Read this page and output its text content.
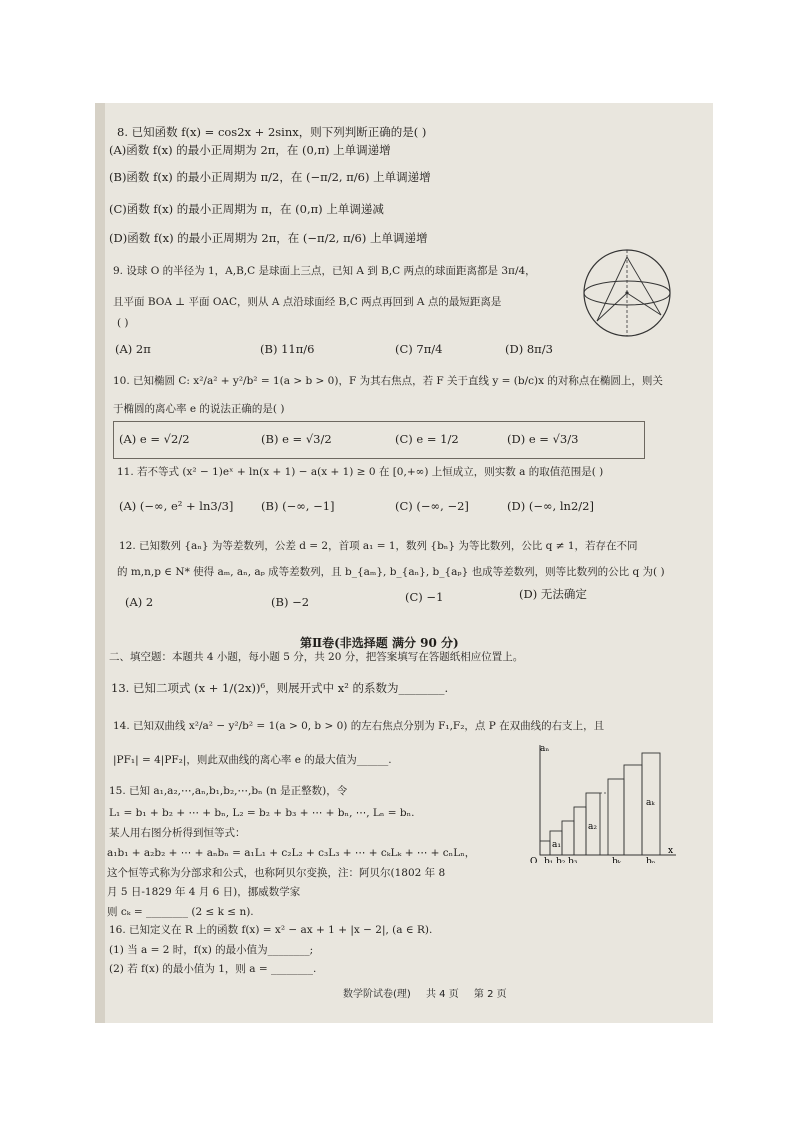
8. 已知函数 f(x) = cos2x + 2sinx，则下列判断正确的是( )
(A)函数 f(x) 的最小正周期为 2π，在 (0,π) 上单调递增
(B)函数 f(x) 的最小正周期为 π/2，在 (−π/2, π/6) 上单调递增
(C)函数 f(x) 的最小正周期为 π，在 (0,π) 上单调递减
(D)函数 f(x) 的最小正周期为 2π，在 (−π/2, π/6) 上单调递增
9. 设球 O 的半径为 1，A,B,C 是球面上三点，已知 A 到 B,C 两点的球面距离都是 3π/4，
且平面 BOA ⊥ 平面 OAC，则从 A 点沿球面经 B,C 两点再回到 A 点的最短距离是
( )
(A) 2π	(B) 11π/6	(C) 7π/4	(D) 8π/3
10. 已知椭圆 C: x²/a² + y²/b² = 1(a > b > 0)，F 为其右焦点，若 F 关于直线 y = (b/c)x 的对称点在椭圆上，则关
于椭圆的离心率 e 的说法正确的是( )
(A) e = √2/2	(B) e = √3/2	(C) e = 1/2	(D) e = √3/3
11. 若不等式 (x² − 1)eˣ + ln(x + 1) − a(x + 1) ≥ 0 在 [0,+∞) 上恒成立，则实数 a 的取值范围是( )
(A) (−∞, e² + ln3/3] (B) (−∞, −1]	(C) (−∞, −2]	(D) (−∞, ln2/2]
12. 已知数列 {aₙ} 为等差数列，公差 d = 2，首项 a₁ = 1，数列 {bₙ} 为等比数列，公比 q ≠ 1，若存在不同
的 m,n,p ∈ N* 使得 aₘ, aₙ, aₚ 成等差数列，且 b_{aₘ}, b_{aₙ}, b_{aₚ} 也成等差数列，则等比数列的公比 q 为( )
(A) 2	(B) −2	(C) −1	(D) 无法确定
第Ⅱ卷(非选择题 满分 90 分)
二、填空题：本题共 4 小题，每小题 5 分，共 20 分，把答案填写在答题纸相应位置上。
13. 已知二项式 (x + 1/(2x))⁶，则展开式中 x² 的系数为________.
14. 已知双曲线 x²/a² − y²/b² = 1(a > 0, b > 0) 的左右焦点分别为 F₁,F₂，点 P 在双曲线的右支上，且
|PF₁| = 4|PF₂|，则此双曲线的离心率 e 的最大值为______.
15. 已知 a₁,a₂,⋯,aₙ,b₁,b₂,⋯,bₙ (n 是正整数)，令
L₁ = b₁ + b₂ + ⋯ + bₙ, L₂ = b₂ + b₃ + ⋯ + bₙ, ⋯, Lₙ = bₙ.
某人用右图分析得到恒等式：
a₁b₁ + a₂b₂ + ⋯ + aₙbₙ = a₁L₁ + c₂L₂ + c₃L₃ + ⋯ + cₖLₖ + ⋯ + cₙLₙ，
这个恒等式称为分部求和公式，也称阿贝尔变换，注：阿贝尔(1802 年 8
月 5 日-1829 年 4 月 6 日)，挪威数学家
则 cₖ = ________ (2 ≤ k ≤ n).
aₙ
aₖ
a₂
a₁
b₁ b₂ b₃	bₖ	bₙ
O
x
16. 已知定义在 R 上的函数 f(x) = x² − ax + 1 + |x − 2|, (a ∈ R).
(1) 当 a = 2 时，f(x) 的最小值为________;
(2) 若 f(x) 的最小值为 1，则 a = ________.
数学阶试卷(理) 共 4 页 第 2 页
